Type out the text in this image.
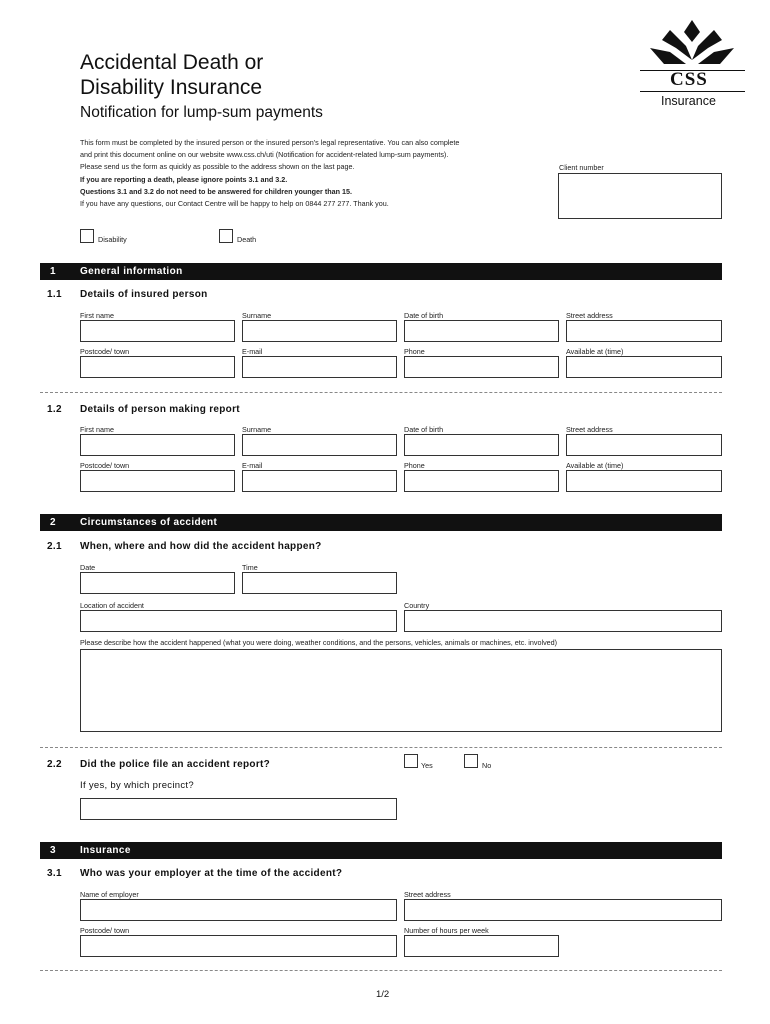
Accidental Death or
Disability Insurance
Notification for lump-sum payments
CSS
Insurance
This form must be completed by the insured person or the insured person’s legal representative. You can also complete
and print this document online on our website www.css.ch/uti (Notification for accident-related lump-sum payments).
Please send us the form as quickly as possible to the address shown on the last page.
If you are reporting a death, please ignore points 3.1 and 3.2.
Questions 3.1 and 3.2 do not need to be answered for children younger than 15.
If you have any questions, our Contact Centre will be happy to help on 0844 277 277. Thank you.
Client number
Disability	Death
1 General information
1.1 Details of insured person
First name	Surname	Date of birth	Street address
Postcode/ town	E-mail	Phone	Available at (time)
1.2 Details of person making report
First name	Surname	Date of birth	Street address
Postcode/ town	E-mail	Phone	Available at (time)
2 Circumstances of accident
2.1 When, where and how did the accident happen?
Date	Time
Location of accident	Country
Please describe how the accident happened (what you were doing, weather conditions, and the persons, vehicles, animals or machines, etc. involved)
2.2 Did the police file an accident report?	Yes	No
If yes, by which precinct?
3 Insurance
3.1 Who was your employer at the time of the accident?
Name of employer	Street address
Postcode/ town	Number of hours per week
1/2
